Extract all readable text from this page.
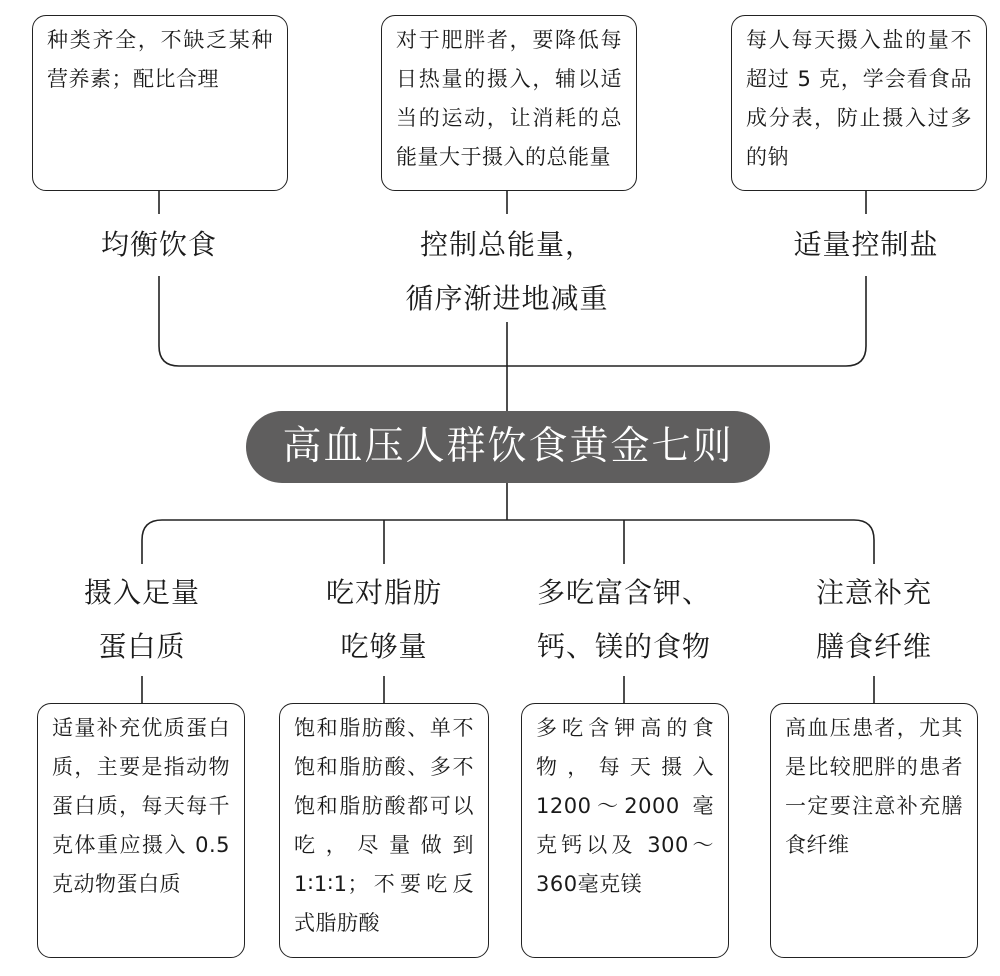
种类齐全，不缺乏某种营养素；配比合理
对于肥胖者，要降低每日热量的摄入，辅以适当的运动，让消耗的总能量大于摄入的总能量
每人每天摄入盐的量不超过 5 克，学会看食品成分表，防止摄入过多的钠
均衡饮食	控制总能量，
循序渐进地减重
适量控制盐
高血压人群饮食黄金七则
摄入足量
蛋白质
吃对脂肪
吃够量
多吃富含钾、
钙、镁的食物
注意补充
膳食纤维
适量补充优质蛋白质，主要是指动物蛋白质，每天每千克体重应摄入 0.5 克动物蛋白质
饱和脂肪酸、单不饱和脂肪酸、多不饱和脂肪酸都可以吃，尽量做到 1∶1∶1；不要吃反式脂肪酸
多吃含钾高的食物，每天摄入1200～2000 毫克钙以及 300～360毫克镁
高血压患者，尤其是比较肥胖的患者一定要注意补充膳食纤维
